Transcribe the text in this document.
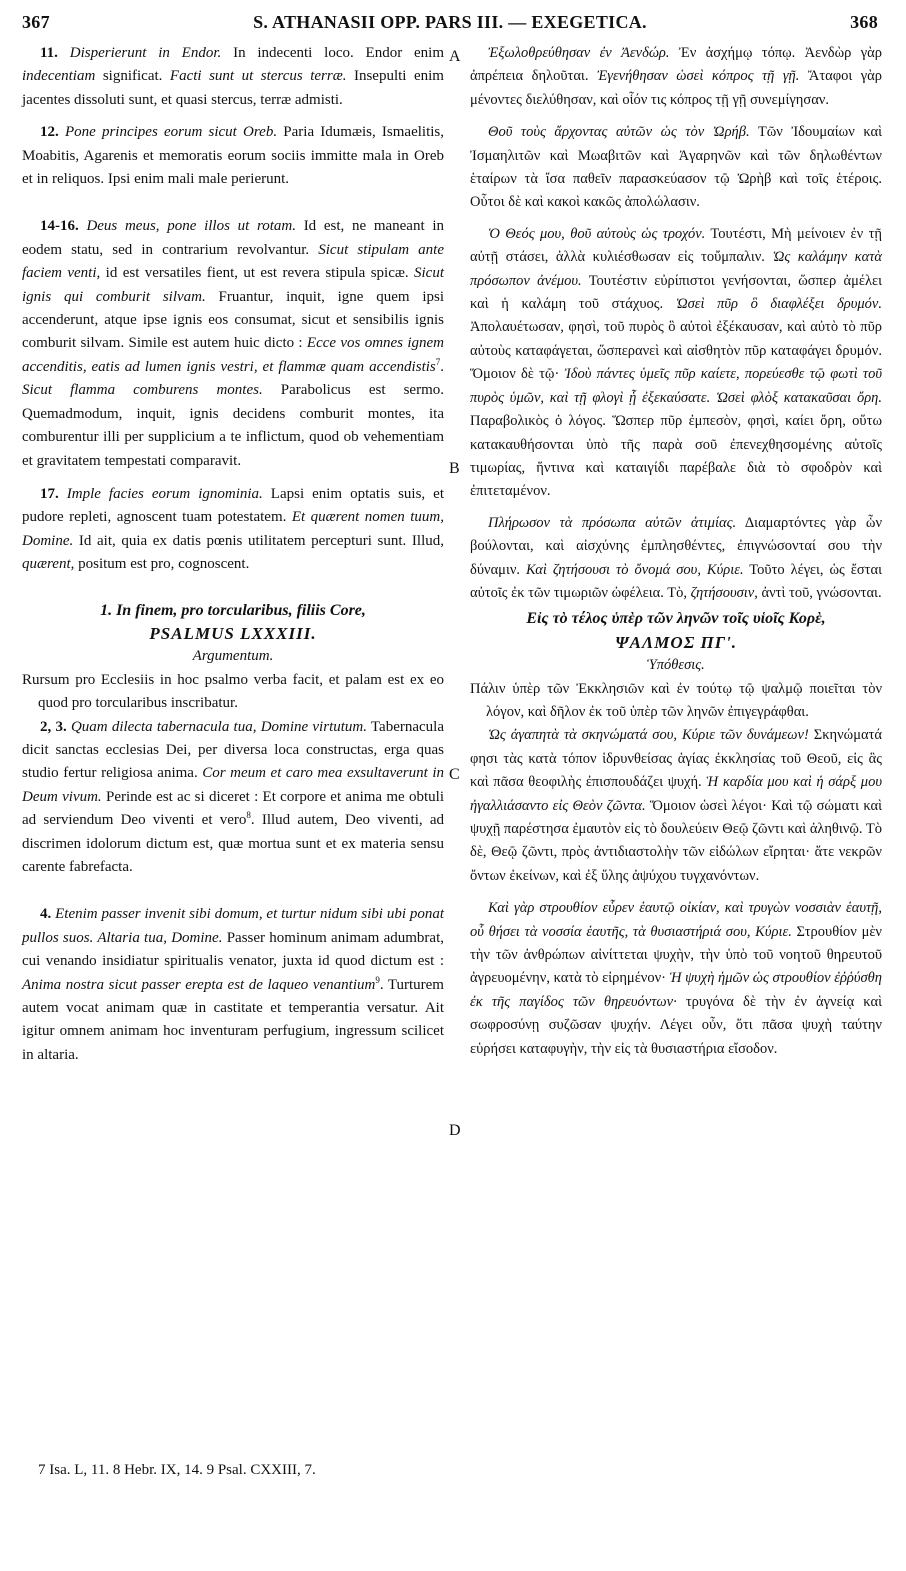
367	S. ATHANASII OPP. PARS III. — EXEGETICA.	368

11. Disperierunt in Endor. In indecenti loco. Endor enim indecentiam significat. Facti sunt ut stercus terræ. Insepulti enim jacentes dissoluti sunt, et quasi stercus, terræ admisti.

12. Pone principes eorum sicut Oreb. Paria Idumæis, Ismaelitis, Moabitis, Agarenis et memoratis eorum sociis immitte mala in Oreb et in reliquos. Ipsi enim mali male perierunt.

14-16. Deus meus, pone illos ut rotam. Id est, ne maneant in eodem statu, sed in contrarium revolvantur. Sicut stipulam ante faciem venti, id est versatiles fient, ut est revera stipula spicæ. Sicut ignis qui comburit silvam. Fruantur, inquit, igne quem ipsi accenderunt, atque ipse ignis eos consumat, sicut et sensibilis ignis comburit silvam. Simile est autem huic dicto : Ecce vos omnes ignem accenditis, eatis ad lumen ignis vestri, et flammæ quam accendistis$^7$. Sicut flamma comburens montes. Parabolicus est sermo. Quemadmodum, inquit, ignis decidens comburit montes, ita comburentur illi per supplicium a te inflictum, quod ob vehementiam et gravitatem tempestati comparavit.

17. Imple facies eorum ignominia. Lapsi enim optatis suis, et pudore repleti, agnoscent tuam potestatem. Et quærent nomen tuum, Domine. Id ait, quia ex datis pœnis utilitatem percepturi sunt. Illud, quærent, positum est pro, cognoscent.

1. In finem, pro torcularibus, filiis Core,
PSALMUS LXXXIII.
Argumentum.
Rursum pro Ecclesiis in hoc psalmo verba facit, et palam est ex eo quod pro torcularibus inscribatur.

2, 3. Quam dilecta tabernacula tua, Domine virtutum. Tabernacula dicit sanctas ecclesias Dei, per diversa loca constructas, erga quas studio fertur religiosa anima. Cor meum et caro mea exsultaverunt in Deum vivum. Perinde est ac si diceret : Et corpore et anima me obtuli ad serviendum Deo viventi et vero$^8$. Illud autem, Deo viventi, ad discrimen idolorum dictum est, quæ mortua sunt et ex materia sensu carente fabrefacta.

4. Etenim passer invenit sibi domum, et turtur nidum sibi ubi ponat pullos suos. Altaria tua, Domine. Passer hominum animam adumbrat, cui venando insidiatur spiritualis venator, juxta id quod dictum est : Anima nostra sicut passer erepta est de laqueo venantium$^9$. Turturem autem vocat animam quæ in castitate et temperantia versatur. Ait igitur omnem animam hoc inventuram perfugium, ingressum scilicet in altaria.

A
B
C
D

Ἐξωλοθρεύθησαν ἐν Ἀενδώρ. Ἐν ἀσχήμῳ τόπῳ. Ἀενδὼρ γὰρ ἀπρέπεια δηλοῦται. Ἐγενήθησαν ὡσεὶ κόπρος τῇ γῇ. Ἄταφοι γὰρ μένοντες διελύθησαν, καὶ οἷόν τις κόπρος τῇ γῇ συνεμίγησαν.

Θοῦ τοὺς ἄρχοντας αὐτῶν ὡς τὸν Ὠρήβ. Τῶν Ἰδουμαίων καὶ Ἰσμαηλιτῶν καὶ Μωαβιτῶν καὶ Ἀγαρηνῶν καὶ τῶν δηλωθέντων ἑταίρων τὰ ἴσα παθεῖν παρασκεύασον τῷ Ὠρὴβ καὶ τοῖς ἑτέροις. Οὗτοι δὲ καὶ κακοὶ κακῶς ἀπολώλασιν.

Ὁ Θεός μου, θοῦ αὐτοὺς ὡς τροχόν. Τουτέστι, Μὴ μείνοιεν ἐν τῇ αὐτῇ στάσει, ἀλλὰ κυλιέσθωσαν εἰς τοὔμπαλιν. Ὡς καλάμην κατὰ πρόσωπον ἀνέμου. Τουτέστιν εὐρίπιστοι γενήσονται, ὥσπερ ἀμέλει καὶ ἡ καλάμη τοῦ στάχυος. Ὡσεὶ πῦρ ὃ διαφλέξει δρυμόν. Ἀπολαυέτωσαν, φησὶ, τοῦ πυρὸς ὃ αὐτοὶ ἐξέκαυσαν, καὶ αὐτὸ τὸ πῦρ αὐτοὺς καταφάγεται, ὥσπερανεὶ καὶ αἰσθητὸν πῦρ καταφάγει δρυμόν. Ὅμοιον δὲ τῷ· Ἰδοὺ πάντες ὑμεῖς πῦρ καίετε, πορεύεσθε τῷ φωτὶ τοῦ πυρὸς ὑμῶν, καὶ τῇ φλογὶ ᾗ ἐξεκαύσατε. Ὡσεὶ φλὸξ κατακαῦσαι ὄρη. Παραβολικὸς ὁ λόγος. Ὥσπερ πῦρ ἐμπεσὸν, φησὶ, καίει ὄρη, οὕτω κατακαυθήσονται ὑπὸ τῆς παρὰ σοῦ ἐπενεχθησομένης αὐτοῖς τιμωρίας, ἥντινα καὶ καταιγίδι παρέβαλε διὰ τὸ σφοδρὸν καὶ ἐπιτεταμένον.

Πλήρωσον τὰ πρόσωπα αὐτῶν ἀτιμίας. Διαμαρτόντες γὰρ ὧν βούλονται, καὶ αἰσχύνης ἐμπλησθέντες, ἐπιγνώσονταί σου τὴν δύναμιν. Καὶ ζητήσουσι τὸ ὄνομά σου, Κύριε. Τοῦτο λέγει, ὡς ἔσται αὐτοῖς ἐκ τῶν τιμωριῶν ὠφέλεια. Τὸ, ζητήσουσιν, ἀντὶ τοῦ, γνώσονται.

Εἰς τὸ τέλος ὑπὲρ τῶν ληνῶν τοῖς υἱοῖς Κορὲ,
ΨΑΛΜΟΣ ΠΓ'.
Ὑπόθεσις.
Πάλιν ὑπὲρ τῶν Ἐκκλησιῶν καὶ ἐν τούτῳ τῷ ψαλμῷ ποιεῖται τὸν λόγον, καὶ δῆλον ἐκ τοῦ ὑπὲρ τῶν ληνῶν ἐπιγεγράφθαι.

Ὡς ἀγαπητὰ τὰ σκηνώματά σου, Κύριε τῶν δυνάμεων! Σκηνώματά φησι τὰς κατὰ τόπον ἱδρυνθείσας ἁγίας ἐκκλησίας τοῦ Θεοῦ, εἰς ἃς καὶ πᾶσα θεοφιλὴς ἐπισπουδάζει ψυχή. Ἡ καρδία μου καὶ ἡ σάρξ μου ἠγαλλιάσαντο εἰς Θεὸν ζῶντα. Ὅμοιον ὡσεὶ λέγοι· Καὶ τῷ σώματι καὶ ψυχῇ παρέστησα ἐμαυτὸν εἰς τὸ δουλεύειν Θεῷ ζῶντι καὶ ἀληθινῷ. Τὸ δὲ, Θεῷ ζῶντι, πρὸς ἀντιδιαστολὴν τῶν εἰδώλων εἴρηται· ἅτε νεκρῶν ὄντων ἐκείνων, καὶ ἐξ ὕλης ἀψύχου τυγχανόντων.

Καὶ γὰρ στρουθίον εὗρεν ἑαυτῷ οἰκίαν, καὶ τρυγὼν νοσσιὰν ἑαυτῇ, οὗ θήσει τὰ νοσσία ἑαυτῆς, τὰ θυσιαστήριά σου, Κύριε. Στρουθίον μὲν τὴν τῶν ἀνθρώπων αἰνίττεται ψυχὴν, τὴν ὑπὸ τοῦ νοητοῦ θηρευτοῦ ἀγρευομένην, κατὰ τὸ εἰρημένον· Ἡ ψυχὴ ἡμῶν ὡς στρουθίον ἐῤῥύσθη ἐκ τῆς παγίδος τῶν θηρευόντων· τρυγόνα δὲ τὴν ἐν ἁγνείᾳ καὶ σωφροσύνῃ συζῶσαν ψυχήν. Λέγει οὖν, ὅτι πᾶσα ψυχὴ ταύτην εὑρήσει καταφυγὴν, τὴν εἰς τὰ θυσιαστήρια εἴσοδον.

7 Isa. L, 11. 8 Hebr. IX, 14. 9 Psal. CXXIII, 7.
